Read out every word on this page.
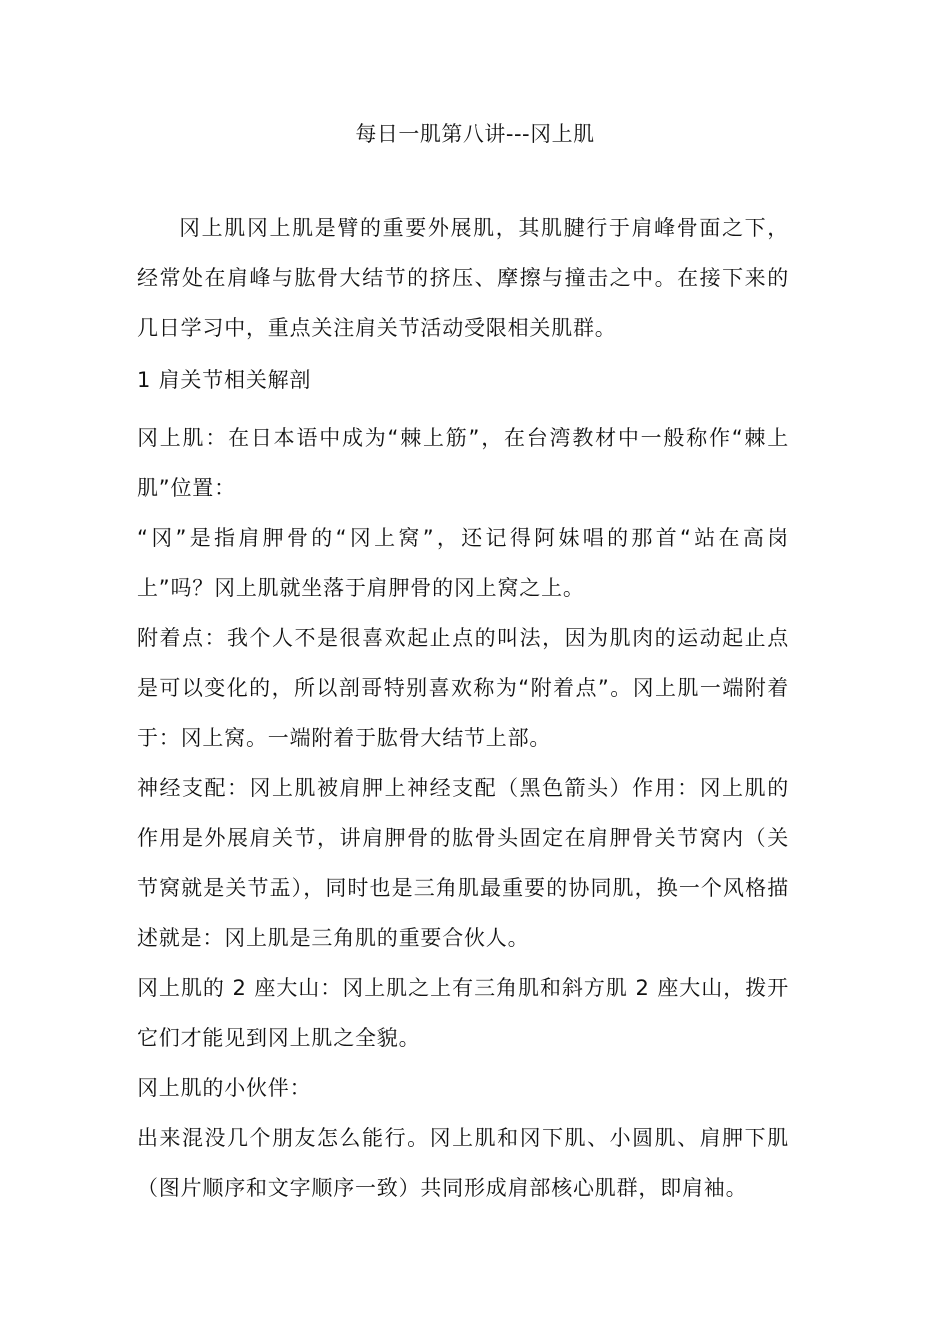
每日一肌第八讲---冈上肌

冈上肌冈上肌是臂的重要外展肌，其肌腱行于肩峰骨面之下，经常处在肩峰与肱骨大结节的挤压、摩擦与撞击之中。在接下来的几日学习中，重点关注肩关节活动受限相关肌群。

1 肩关节相关解剖

冈上肌：在日本语中成为“棘上筋”，在台湾教材中一般称作“棘上肌”位置：

“冈”是指肩胛骨的“冈上窝”，还记得阿妹唱的那首“站在高岗上”吗？冈上肌就坐落于肩胛骨的冈上窝之上。

附着点：我个人不是很喜欢起止点的叫法，因为肌肉的运动起止点是可以变化的，所以剖哥特别喜欢称为“附着点”。冈上肌一端附着于：冈上窝。一端附着于肱骨大结节上部。

神经支配：冈上肌被肩胛上神经支配（黑色箭头）作用：冈上肌的作用是外展肩关节，讲肩胛骨的肱骨头固定在肩胛骨关节窝内（关节窝就是关节盂），同时也是三角肌最重要的协同肌，换一个风格描述就是：冈上肌是三角肌的重要合伙人。

冈上肌的 2 座大山：冈上肌之上有三角肌和斜方肌 2 座大山，拨开它们才能见到冈上肌之全貌。

冈上肌的小伙伴：

出来混没几个朋友怎么能行。冈上肌和冈下肌、小圆肌、肩胛下肌（图片顺序和文字顺序一致）共同形成肩部核心肌群，即肩袖。
